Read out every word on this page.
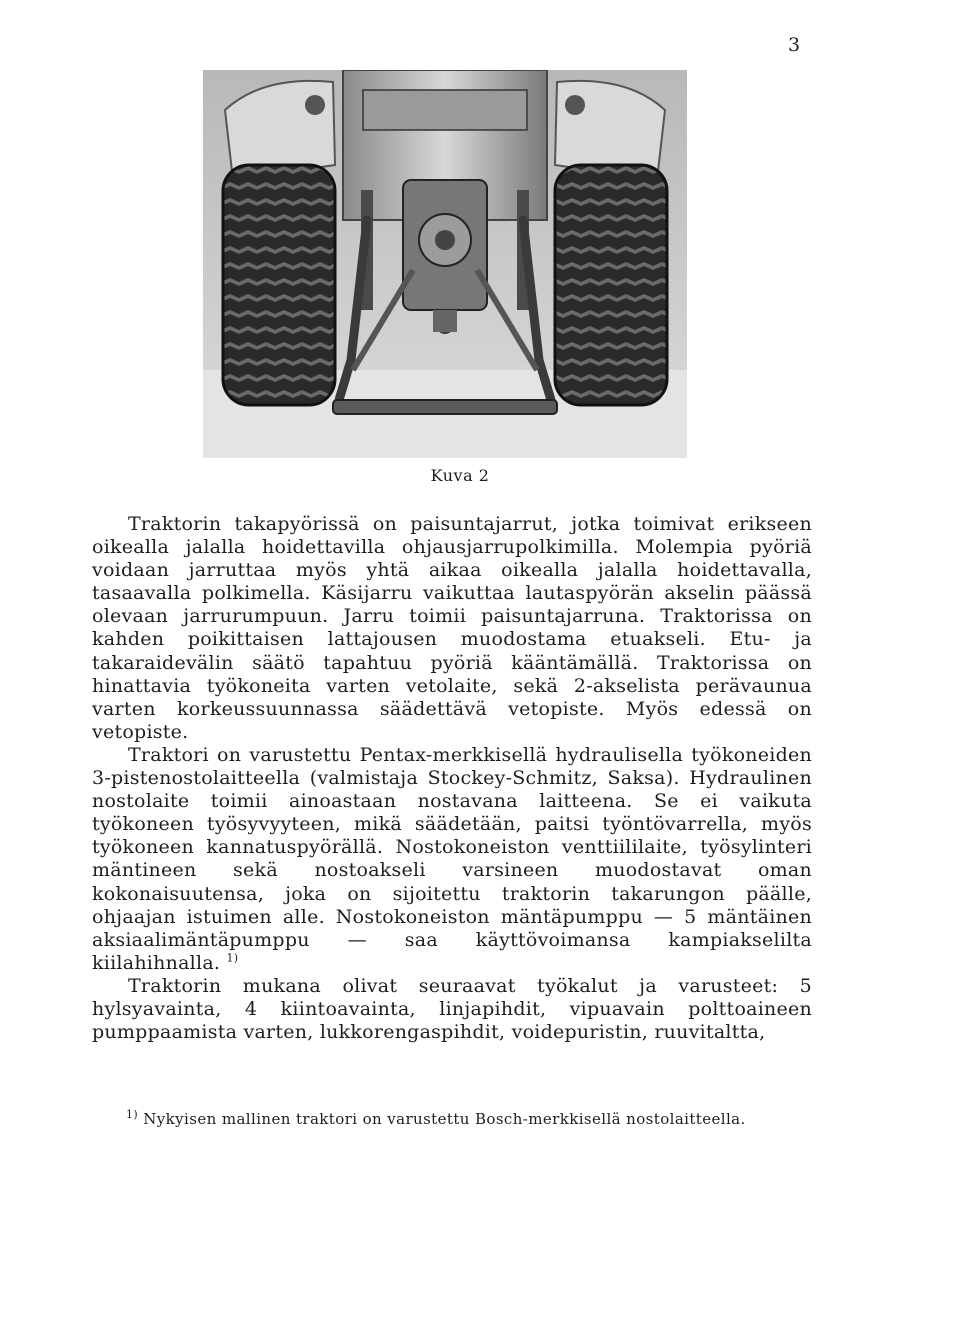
3
Kuva 2

Traktorin takapyörissä on paisuntajarrut, jotka toimivat erikseen oikealla jalalla hoidettavilla ohjausjarrupolkimilla. Molempia pyöriä voidaan jarruttaa myös yhtä aikaa oikealla jalalla hoidettavalla, tasaavalla polkimella. Käsijarru vaikuttaa lautaspyörän akselin päässä olevaan jarrurumpuun. Jarru toimii paisuntajarruna. Traktorissa on kahden poikittaisen lattajousen muodostama etuakseli. Etu- ja takaraidevälin säätö tapahtuu pyöriä kääntämällä. Traktorissa on hinattavia työkoneita varten vetolaite, sekä 2-akselista perävaunua varten korkeussuunnassa säädettävä vetopiste. Myös edessä on vetopiste.

Traktori on varustettu Pentax-merkkisellä hydraulisella työkoneiden 3-pistenostolaitteella (valmistaja Stockey-Schmitz, Saksa). Hydraulinen nostolaite toimii ainoastaan nostavana laitteena. Se ei vaikuta työkoneen työsyvyyteen, mikä säädetään, paitsi työntövarrella, myös työkoneen kannatuspyörällä. Nostokoneiston venttiililaite, työsylinteri mäntineen sekä nostoakseli varsineen muodostavat oman kokonaisuutensa, joka on sijoitettu traktorin takarungon päälle, ohjaajan istuimen alle. Nostokoneiston mäntäpumppu — 5 mäntäinen aksiaalimäntäpumppu — saa käyttövoimansa kampiakselilta kiilahihnalla. $^{1)}$

Traktorin mukana olivat seuraavat työkalut ja varusteet: 5 hylsyavainta, 4 kiintoavainta, linjapihdit, vipuavain polttoaineen pumppaamista varten, lukkorengaspihdit, voidepuristin, ruuvitaltta,

$^{1)}$ Nykyisen mallinen traktori on varustettu Bosch-merkkisellä nostolaitteella.
